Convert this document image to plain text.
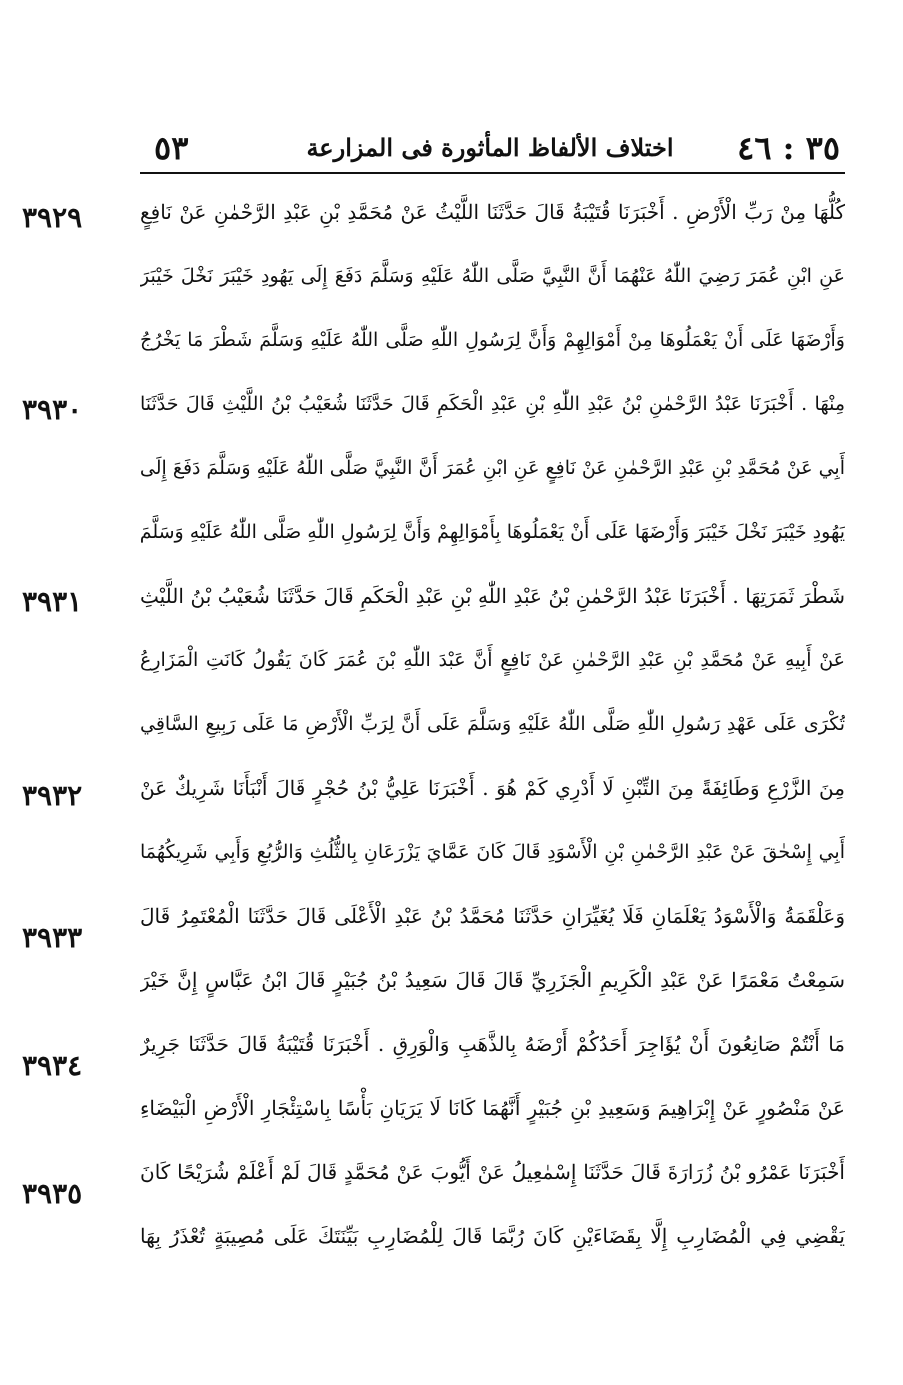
٣٥ : ٤٦
اختلاف الألفاظ المأثورة فى المزارعة
٥٣
كُلُّهَا مِنْ رَبِّ الْأَرْضِ . أَخْبَرَنَا قُتَيْبَةُ قَالَ حَدَّثَنَا اللَّيْثُ عَنْ مُحَمَّدِ بْنِ عَبْدِ الرَّحْمٰنِ عَنْ نَافِعٍ
عَنِ ابْنِ عُمَرَ رَضِيَ اللّٰهُ عَنْهُمَا أَنَّ النَّبِيَّ صَلَّى اللّٰهُ عَلَيْهِ وَسَلَّمَ دَفَعَ إِلَى يَهُودِ خَيْبَرَ نَخْلَ خَيْبَرَ
وَأَرْضَهَا عَلَى أَنْ يَعْمَلُوهَا مِنْ أَمْوَالِهِمْ وَأَنَّ لِرَسُولِ اللّٰهِ صَلَّى اللّٰهُ عَلَيْهِ وَسَلَّمَ شَطْرَ مَا يَخْرُجُ
مِنْهَا . أَخْبَرَنَا عَبْدُ الرَّحْمٰنِ بْنُ عَبْدِ اللّٰهِ بْنِ عَبْدِ الْحَكَمِ قَالَ حَدَّثَنَا شُعَيْبُ بْنُ اللَّيْثِ قَالَ حَدَّثَنَا
أَبِي عَنْ مُحَمَّدِ بْنِ عَبْدِ الرَّحْمٰنِ عَنْ نَافِعٍ عَنِ ابْنِ عُمَرَ أَنَّ النَّبِيَّ صَلَّى اللّٰهُ عَلَيْهِ وَسَلَّمَ دَفَعَ إِلَى
يَهُودِ خَيْبَرَ نَخْلَ خَيْبَرَ وَأَرْضَهَا عَلَى أَنْ يَعْمَلُوهَا بِأَمْوَالِهِمْ وَأَنَّ لِرَسُولِ اللّٰهِ صَلَّى اللّٰهُ عَلَيْهِ وَسَلَّمَ
شَطْرَ ثَمَرَتِهَا . أَخْبَرَنَا عَبْدُ الرَّحْمٰنِ بْنُ عَبْدِ اللّٰهِ بْنِ عَبْدِ الْحَكَمِ قَالَ حَدَّثَنَا شُعَيْبُ بْنُ اللَّيْثِ
عَنْ أَبِيهِ عَنْ مُحَمَّدِ بْنِ عَبْدِ الرَّحْمٰنِ عَنْ نَافِعٍ أَنَّ عَبْدَ اللّٰهِ بْنَ عُمَرَ كَانَ يَقُولُ كَانَتِ الْمَزَارِعُ
تُكْرَى عَلَى عَهْدِ رَسُولِ اللّٰهِ صَلَّى اللّٰهُ عَلَيْهِ وَسَلَّمَ عَلَى أَنَّ لِرَبِّ الْأَرْضِ مَا عَلَى رَبِيعِ السَّاقِي
مِنَ الزَّرْعِ وَطَائِفَةً مِنَ التِّبْنِ لَا أَدْرِي كَمْ هُوَ . أَخْبَرَنَا عَلِيُّ بْنُ حُجْرٍ قَالَ أَنْبَأَنَا شَرِيكٌ عَنْ
أَبِي إِسْحٰقَ عَنْ عَبْدِ الرَّحْمٰنِ بْنِ الْأَسْوَدِ قَالَ كَانَ عَمَّايَ يَزْرَعَانِ بِالثُّلُثِ وَالرُّبُعِ وَأَبِي شَرِيكُهُمَا
وَعَلْقَمَةُ وَالْأَسْوَدُ يَعْلَمَانِ فَلَا يُغَيِّرَانِ حَدَّثَنَا مُحَمَّدُ بْنُ عَبْدِ الْأَعْلَى قَالَ حَدَّثَنَا الْمُعْتَمِرُ قَالَ
سَمِعْتُ مَعْمَرًا عَنْ عَبْدِ الْكَرِيمِ الْجَزَرِيِّ قَالَ قَالَ سَعِيدُ بْنُ جُبَيْرٍ قَالَ ابْنُ عَبَّاسٍ إِنَّ خَيْرَ
مَا أَنْتُمْ صَانِعُونَ أَنْ يُؤَاجِرَ أَحَدُكُمْ أَرْضَهُ بِالذَّهَبِ وَالْوَرِقِ . أَخْبَرَنَا قُتَيْبَةُ قَالَ حَدَّثَنَا جَرِيرٌ
عَنْ مَنْصُورٍ عَنْ إِبْرَاهِيمَ وَسَعِيدِ بْنِ جُبَيْرٍ أَنَّهُمَا كَانَا لَا يَرَيَانِ بَأْسًا بِاسْتِئْجَارِ الْأَرْضِ الْبَيْضَاءِ
أَخْبَرَنَا عَمْرُو بْنُ زُرَارَةَ قَالَ حَدَّثَنَا إِسْمٰعِيلُ عَنْ أَيُّوبَ عَنْ مُحَمَّدٍ قَالَ لَمْ أَعْلَمْ شُرَيْحًا كَانَ
يَقْضِي فِي الْمُضَارِبِ إِلَّا بِقَضَاءَيْنِ كَانَ رُبَّمَا قَالَ لِلْمُضَارِبِ بَيِّنَتَكَ عَلَى مُصِيبَةٍ تُعْذَرُ بِهَا
٣٩٢٩
٣٩٣٠
٣٩٣١
٣٩٣٢
٣٩٣٣
٣٩٣٤
٣٩٣٥
